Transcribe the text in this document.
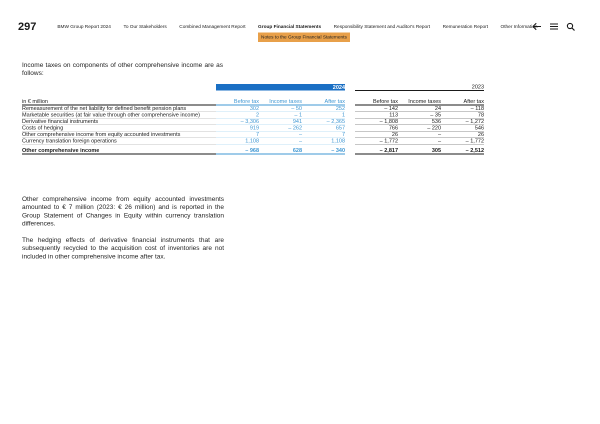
297 BMW Group Report 2024 To Our Stakeholders Combined Management Report Group Financial Statements
Notes to the Group Financial Statements
Responsibility Statement and Auditor's Report Remuneration Report Other Information
Income taxes on components of other comprehensive income are as follows:
	2024				2023		

in € million	Before tax	Income taxes	After tax		Before tax	Income taxes	After tax
Remeasurement of the net liability for defined benefit pension plans	302	– 50	252		– 142	24	– 118
Marketable securities (at fair value through other comprehensive income)	2	– 1	1		113	– 35	78
Derivative financial instruments	– 3,306	941	– 2,365		– 1,808	536	– 1,272
Costs of hedging	919	– 262	657		766	– 220	546
Other comprehensive income from equity accounted investments	7	–	7		26	–	26
Currency translation foreign operations	1,108	–	1,108		– 1,772	–	– 1,772
Other comprehensive income	– 968	628	– 340		– 2,817	305	– 2,512

Other comprehensive income from equity accounted investments amounted to € 7 million (2023: € 26 million) and is reported in the Group Statement of Changes in Equity within currency translation differences.

The hedging effects of derivative financial instruments that are subsequently recycled to the acquisition cost of inventories are not included in other comprehensive income after tax.
